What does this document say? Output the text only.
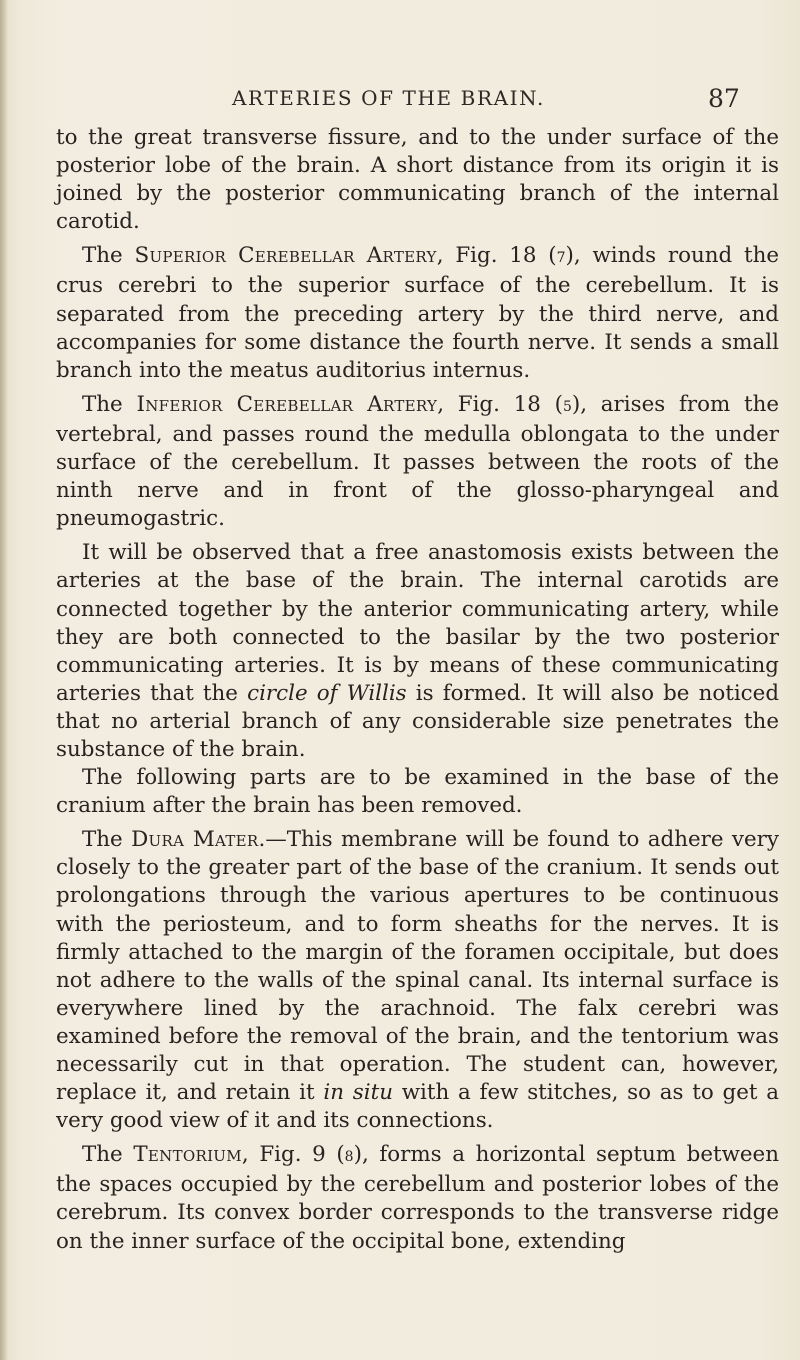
ARTERIES OF THE BRAIN.	87

to the great transverse fissure, and to the under surface of the posterior lobe of the brain. A short distance from its origin it is joined by the posterior communicating branch of the internal carotid.

The Superior Cerebellar Artery, Fig. 18 (7), winds round the crus cerebri to the superior surface of the cerebellum. It is separated from the preceding artery by the third nerve, and accompanies for some distance the fourth nerve. It sends a small branch into the meatus auditorius internus.

The Inferior Cerebellar Artery, Fig. 18 (5), arises from the vertebral, and passes round the medulla oblongata to the under surface of the cerebellum. It passes between the roots of the ninth nerve and in front of the glosso-pharyngeal and pneumogastric.

It will be observed that a free anastomosis exists between the arteries at the base of the brain. The internal carotids are connected together by the anterior communicating artery, while they are both connected to the basilar by the two posterior communicating arteries. It is by means of these communicating arteries that the circle of Willis is formed. It will also be noticed that no arterial branch of any considerable size penetrates the substance of the brain.

The following parts are to be examined in the base of the cranium after the brain has been removed.

The Dura Mater.—This membrane will be found to adhere very closely to the greater part of the base of the cranium. It sends out prolongations through the various apertures to be continuous with the periosteum, and to form sheaths for the nerves. It is firmly attached to the margin of the foramen occipitale, but does not adhere to the walls of the spinal canal. Its internal surface is everywhere lined by the arachnoid. The falx cerebri was examined before the removal of the brain, and the tentorium was necessarily cut in that operation. The student can, however, replace it, and retain it in situ with a few stitches, so as to get a very good view of it and its connections.

The Tentorium, Fig. 9 (8), forms a horizontal septum between the spaces occupied by the cerebellum and posterior lobes of the cerebrum. Its convex border corresponds to the transverse ridge on the inner surface of the occipital bone, extending
